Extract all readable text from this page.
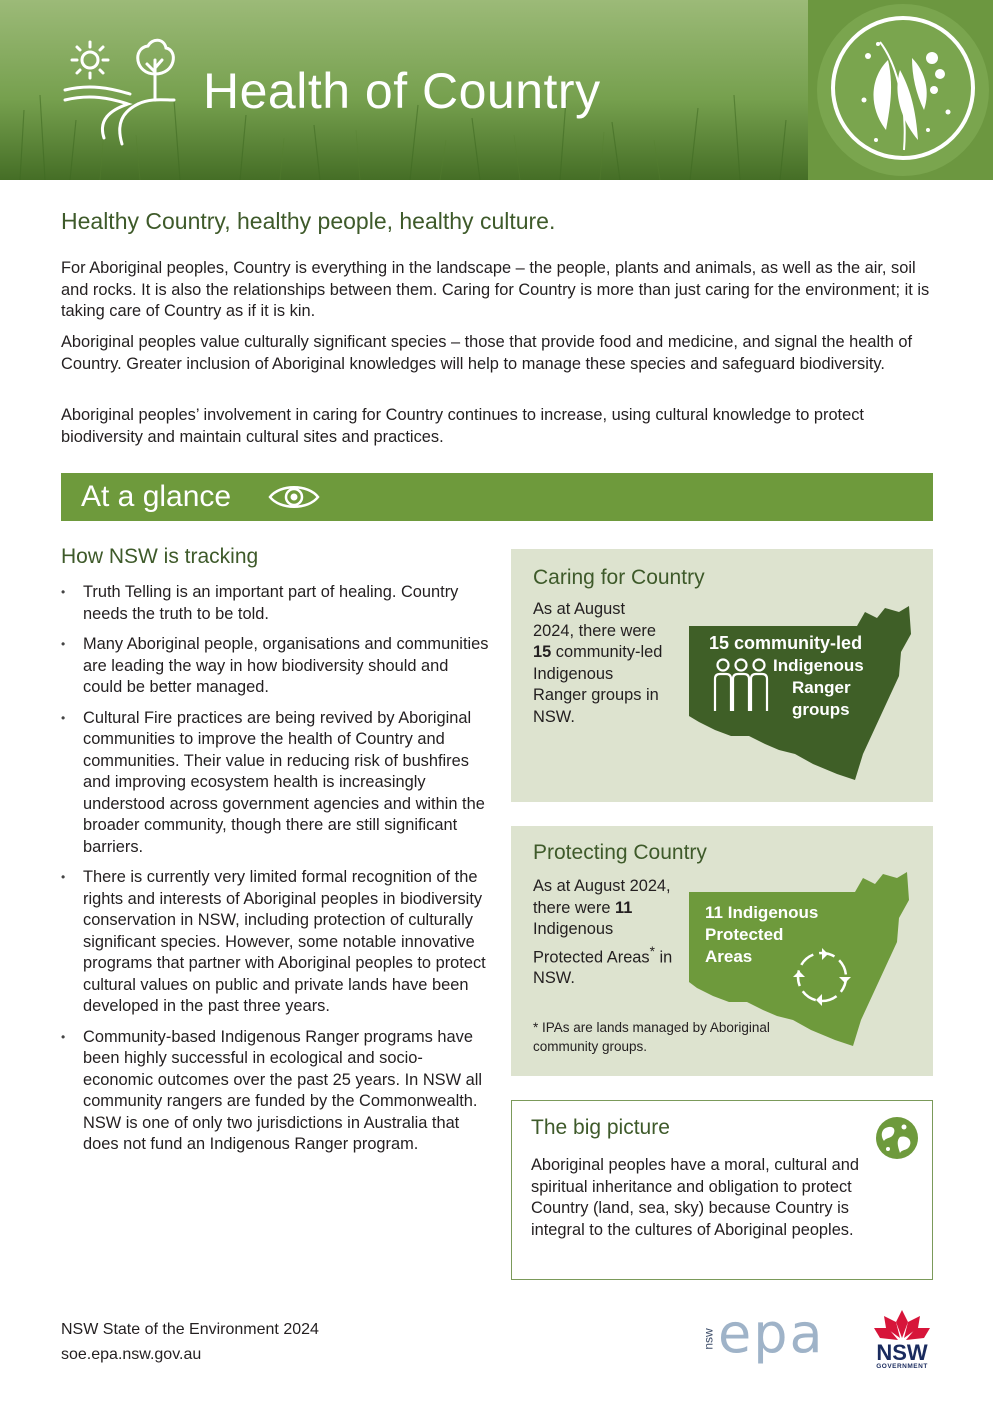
Health of Country
Healthy Country, healthy people, healthy culture.

For Aboriginal peoples, Country is everything in the landscape – the people, plants and animals, as well as the air, soil and rocks. It is also the relationships between them. Caring for Country is more than just caring for the environment; it is taking care of Country as if it is kin.

Aboriginal peoples value culturally significant species – those that provide food and medicine, and signal the health of Country. Greater inclusion of Aboriginal knowledges will help to manage these species and safeguard biodiversity.

Aboriginal peoples’ involvement in caring for Country continues to increase, using cultural knowledge to protect biodiversity and maintain cultural sites and practices.

At a glance
How NSW is tracking
• Truth Telling is an important part of healing. Country needs the truth to be told.
• Many Aboriginal people, organisations and communities are leading the way in how biodiversity should and could be better managed.
• Cultural Fire practices are being revived by Aboriginal communities to improve the health of Country and communities. Their value in reducing risk of bushfires and improving ecosystem health is increasingly understood across government agencies and within the broader community, though there are still significant barriers.
• There is currently very limited formal recognition of the rights and interests of Aboriginal peoples in biodiversity conservation in NSW, including protection of culturally significant species. However, some notable innovative programs that partner with Aboriginal peoples to protect cultural values on public and private lands have been developed in the past three years.
• Community-based Indigenous Ranger programs have been highly successful in ecological and socio-economic outcomes over the past 25 years. In NSW all community rangers are funded by the Commonwealth. NSW is one of only two jurisdictions in Australia that does not fund an Indigenous Ranger program.
Caring for Country
As at August 2024, there were 15 community-led Indigenous Ranger groups in NSW.
15 community-led
Indigenous
Ranger
groups
Protecting Country
As at August 2024, there were 11 Indigenous Protected Areas* in NSW.
11 Indigenous
Protected
Areas
* IPAs are lands managed by Aboriginal community groups.
The big picture
Aboriginal peoples have a moral, cultural and spiritual inheritance and obligation to protect Country (land, sea, sky) because Country is integral to the cultures of Aboriginal peoples.
NSW State of the Environment 2024
soe.epa.nsw.gov.au
nsw epa NSW
GOVERNMENT
